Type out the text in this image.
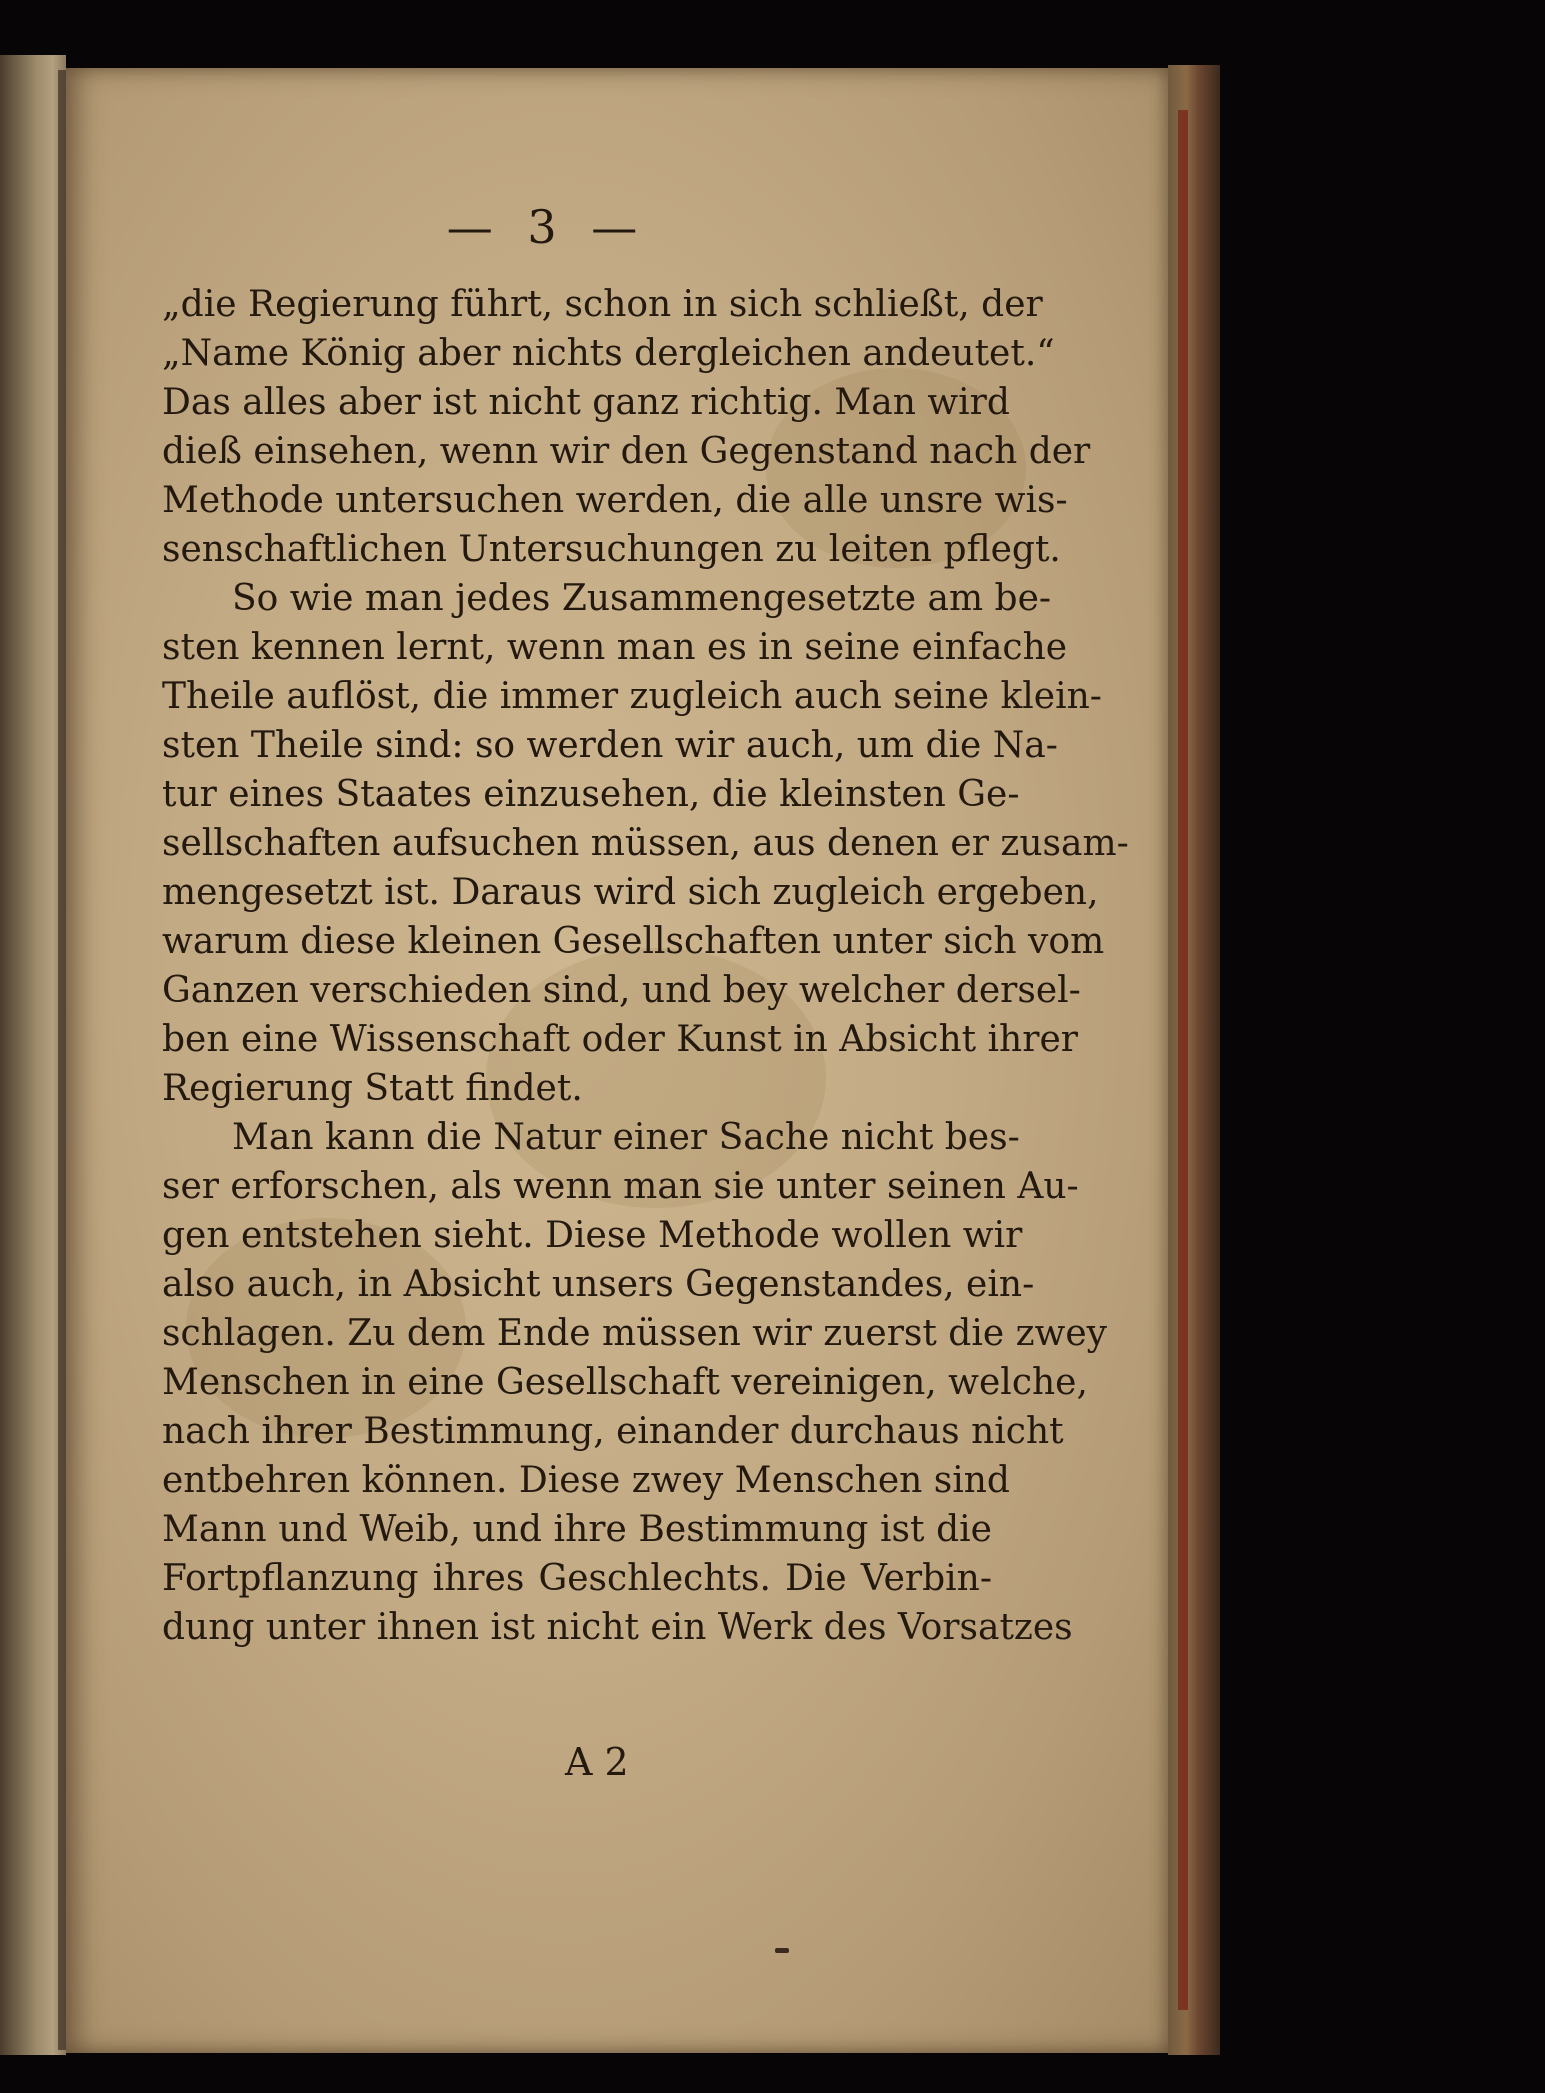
— 3 —
„die Regierung führt, schon in sich schließt, der
„Name König aber nichts dergleichen andeutet.“
Das alles aber ist nicht ganz richtig. Man wird
dieß einsehen, wenn wir den Gegenstand nach der
Methode untersuchen werden, die alle unsre wis-
senschaftlichen Untersuchungen zu leiten pflegt.
So wie man jedes Zusammengesetzte am be-
sten kennen lernt, wenn man es in seine einfache
Theile auflöst, die immer zugleich auch seine klein-
sten Theile sind: so werden wir auch, um die Na-
tur eines Staates einzusehen, die kleinsten Ge-
sellschaften aufsuchen müssen, aus denen er zusam-
mengesetzt ist. Daraus wird sich zugleich ergeben,
warum diese kleinen Gesellschaften unter sich vom
Ganzen verschieden sind, und bey welcher dersel-
ben eine Wissenschaft oder Kunst in Absicht ihrer
Regierung Statt findet.
Man kann die Natur einer Sache nicht bes-
ser erforschen, als wenn man sie unter seinen Au-
gen entstehen sieht. Diese Methode wollen wir
also auch, in Absicht unsers Gegenstandes, ein-
schlagen. Zu dem Ende müssen wir zuerst die zwey
Menschen in eine Gesellschaft vereinigen, welche,
nach ihrer Bestimmung, einander durchaus nicht
entbehren können. Diese zwey Menschen sind
Mann und Weib, und ihre Bestimmung ist die
Fortpflanzung ihres Geschlechts. Die Verbin-
dung unter ihnen ist nicht ein Werk des Vorsatzes
A 2
